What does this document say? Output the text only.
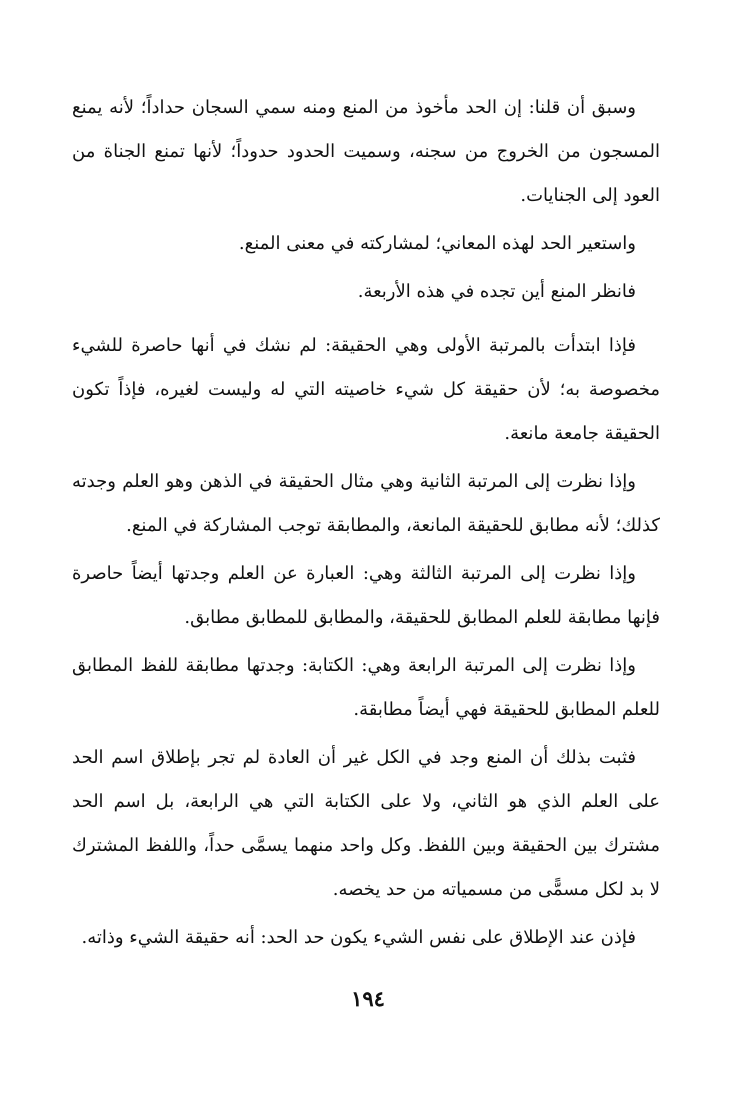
وسبق أن قلنا: إن الحد مأخوذ من المنع ومنه سمي السجان حداداً؛ لأنه يمنع المسجون من الخروج من سجنه، وسميت الحدود حدوداً؛ لأنها تمنع الجناة من العود إلى الجنايات.

واستعير الحد لهذه المعاني؛ لمشاركته في معنى المنع.

فانظر المنع أين تجده في هذه الأربعة.

فإذا ابتدأت بالمرتبة الأولى وهي الحقيقة: لم نشك في أنها حاصرة للشيء مخصوصة به؛ لأن حقيقة كل شيء خاصيته التي له وليست لغيره، فإذاً تكون الحقيقة جامعة مانعة.

وإذا نظرت إلى المرتبة الثانية وهي مثال الحقيقة في الذهن وهو العلم وجدته كذلك؛ لأنه مطابق للحقيقة المانعة، والمطابقة توجب المشاركة في المنع.

وإذا نظرت إلى المرتبة الثالثة وهي: العبارة عن العلم وجدتها أيضاً حاصرة فإنها مطابقة للعلم المطابق للحقيقة، والمطابق للمطابق مطابق.

وإذا نظرت إلى المرتبة الرابعة وهي: الكتابة: وجدتها مطابقة للفظ المطابق للعلم المطابق للحقيقة فهي أيضاً مطابقة.

فثبت بذلك أن المنع وجد في الكل غير أن العادة لم تجر بإطلاق اسم الحد على العلم الذي هو الثاني، ولا على الكتابة التي هي الرابعة، بل اسم الحد مشترك بين الحقيقة وبين اللفظ. وكل واحد منهما يسمَّى حداً، واللفظ المشترك لا بد لكل مسمًّى من مسمياته من حد يخصه.

فإذن عند الإطلاق على نفس الشيء يكون حد الحد: أنه حقيقة الشيء وذاته.

١٩٤
